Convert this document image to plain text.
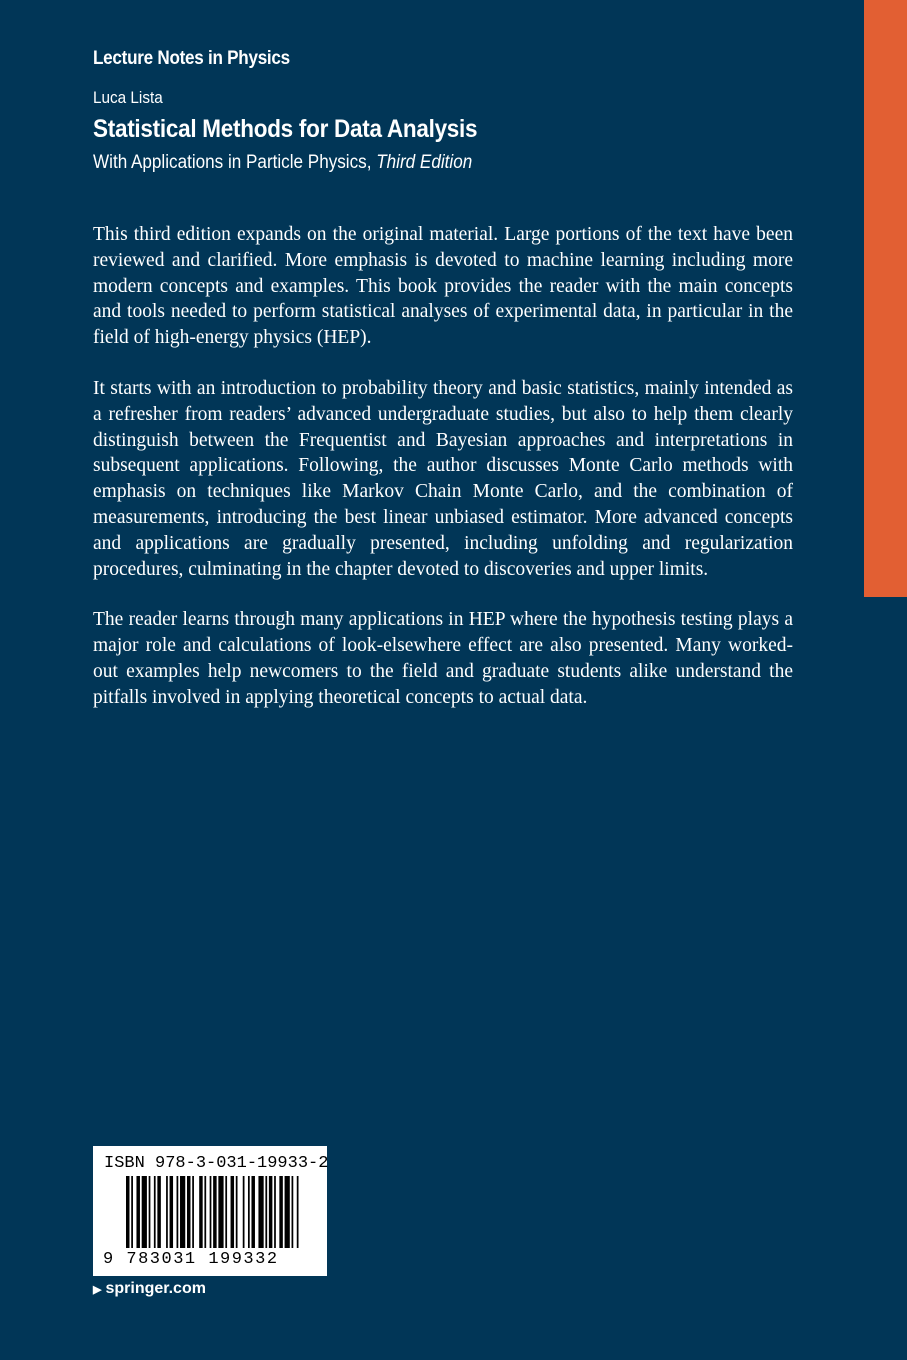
Lecture Notes in Physics
Luca Lista
Statistical Methods for Data Analysis
With Applications in Particle Physics, Third Edition

This third edition expands on the original material. Large portions of the text have been reviewed and clarified. More emphasis is devoted to machine learning including more modern concepts and examples. This book provides the reader with the main concepts and tools needed to perform statistical analyses of experimental data, in particular in the field of high-energy physics (HEP).

It starts with an introduction to probability theory and basic statistics, mainly intended as a refresher from readers’ advanced undergraduate studies, but also to help them clearly distinguish between the Frequentist and Bayesian approaches and interpretations in subsequent applications. Following, the author discusses Monte Carlo methods with emphasis on techniques like Markov Chain Monte Carlo, and the combination of measurements, introducing the best linear unbiased estimator. More advanced concepts and applications are gradually presented, including unfolding and regularization procedures, culminating in the chapter devoted to discoveries and upper limits.

The reader learns through many applications in HEP where the hypothesis testing plays a major role and calculations of look-elsewhere effect are also presented. Many worked-out examples help newcomers to the field and graduate students alike understand the pitfalls involved in applying theoretical concepts to actual data.

ISBN 978-3-031-19933-2
9 783031 199332
▶ springer.com
